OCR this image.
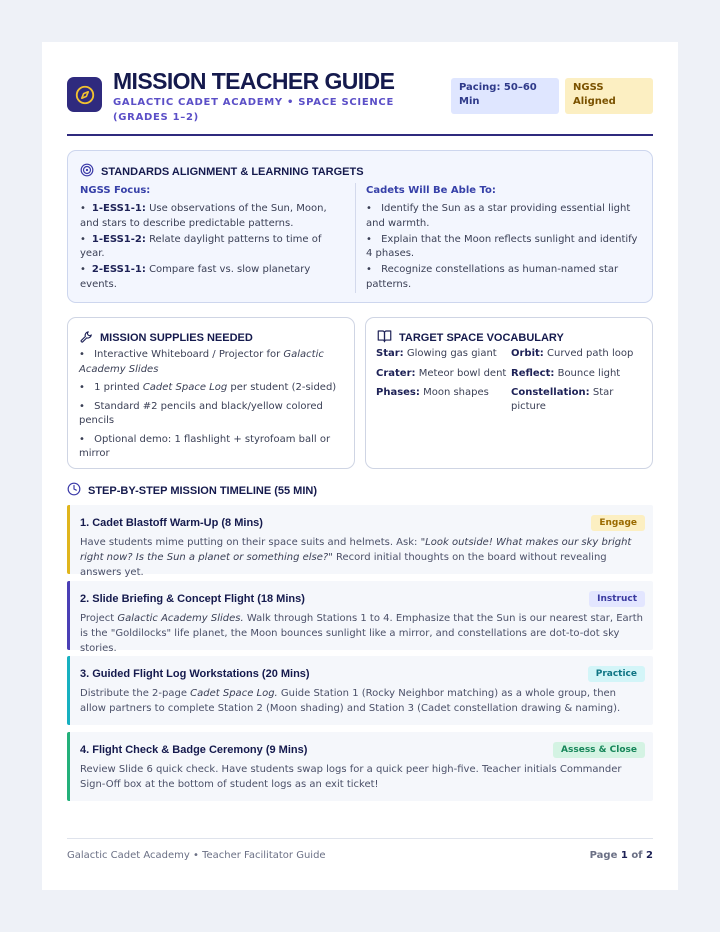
MISSION TEACHER GUIDE
GALACTIC CADET ACADEMY • SPACE SCIENCE (GRADES 1–2)
Pacing: 50–60 Min
NGSS Aligned
STANDARDS ALIGNMENT & LEARNING TARGETS
NGSS Focus:
• 1-ESS1-1: Use observations of the Sun, Moon, and stars to describe predictable patterns.
• 1-ESS1-2: Relate daylight patterns to time of year.
• 2-ESS1-1: Compare fast vs. slow planetary events.
Cadets Will Be Able To:
• Identify the Sun as a star providing essential light and warmth.
• Explain that the Moon reflects sunlight and identify 4 phases.
• Recognize constellations as human-named star patterns.
MISSION SUPPLIES NEEDED
• Interactive Whiteboard / Projector for Galactic Academy Slides
• 1 printed Cadet Space Log per student (2-sided)
• Standard #2 pencils and black/yellow colored pencils
• Optional demo: 1 flashlight + styrofoam ball or mirror
TARGET SPACE VOCABULARY
Star: Glowing gas giant	Orbit: Curved path loop
Crater: Meteor bowl dent Reflect: Bounce light
Phases: Moon shapes	Constellation: Star picture
STEP-BY-STEP MISSION TIMELINE (55 MIN)
1. Cadet Blastoff Warm-Up (8 Mins)	Engage
Have students mime putting on their space suits and helmets. Ask: "Look outside! What makes our sky bright right now? Is the Sun a planet or something else?" Record initial thoughts on the board without revealing answers yet.
2. Slide Briefing & Concept Flight (18 Mins)	Instruct
Project Galactic Academy Slides. Walk through Stations 1 to 4. Emphasize that the Sun is our nearest star, Earth is the "Goldilocks" life planet, the Moon bounces sunlight like a mirror, and constellations are dot-to-dot sky stories.
3. Guided Flight Log Workstations (20 Mins)	Practice
Distribute the 2-page Cadet Space Log. Guide Station 1 (Rocky Neighbor matching) as a whole group, then allow partners to complete Station 2 (Moon shading) and Station 3 (Cadet constellation drawing & naming).
4. Flight Check & Badge Ceremony (9 Mins)	Assess & Close
Review Slide 6 quick check. Have students swap logs for a quick peer high-five. Teacher initials Commander Sign-Off box at the bottom of student logs as an exit ticket!
Galactic Cadet Academy • Teacher Facilitator Guide	Page 1 of 2
